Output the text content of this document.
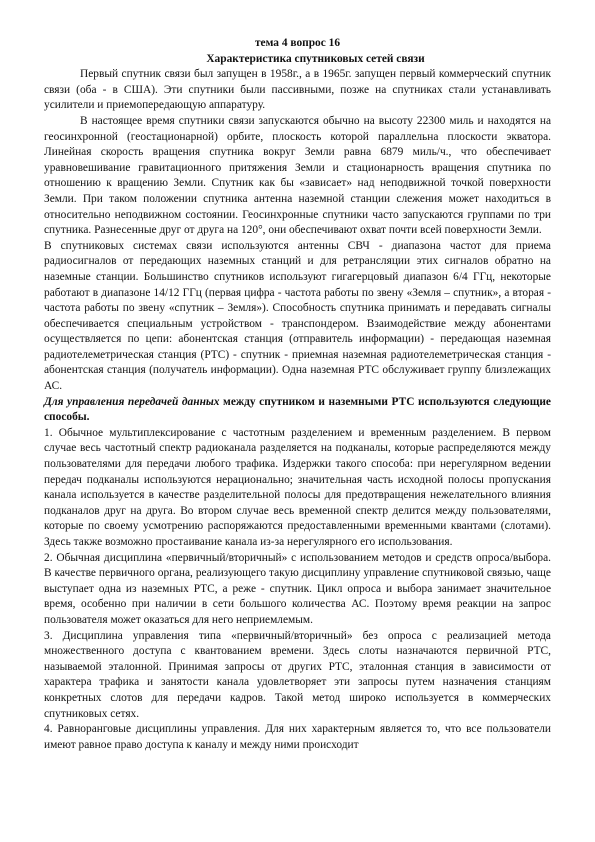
тема 4 вопрос 16

Характеристика спутниковых сетей связи

Первый спутник связи был запущен в 1958г., а в 1965г. запущен первый коммерческий спутник связи (оба - в США). Эти спутники были пассивными, позже на спутниках стали устанавливать усилители и приемопередающую аппаратуру.

В настоящее время спутники связи запускаются обычно на высоту 22300 миль и находятся на геосинхронной (геостационарной) орбите, плоскость которой параллельна плоскости экватора. Линейная скорость вращения спутника вокруг Земли равна 6879 миль/ч., что обеспечивает уравновешивание гравитационного притяжения Земли и стационарность вращения спутника по отношению к вращению Земли. Спутник как бы «зависает» над неподвижной точкой поверхности Земли. При таком положении спутника антенна наземной станции слежения может находиться в относительно неподвижном состоянии. Геосинхронные спутники часто запускаются группами по три спутника. Разнесенные друг от друга на 120°, они обеспечивают охват почти всей поверхности Земли.

В спутниковых системах связи используются антенны СВЧ - диапазона частот для приема радиосигналов от передающих наземных станций и для ретрансляции этих сигналов обратно на наземные станции. Большинство спутников используют гигагерцовый диапазон 6/4 ГГц, некоторые работают в диапазоне 14/12 ГГц (первая цифра - частота работы по звену «Земля – спутник», а вторая - частота работы по звену «спутник – Земля»). Способность спутника принимать и передавать сигналы обеспечивается специальным устройством - транспондером. Взаимодействие между абонентами осуществляется по цепи: абонентская станция (отправитель информации) - передающая наземная радиотелеметрическая станция (РТС) - спутник - приемная наземная радиотелеметрическая станция - абонентская станция (получатель информации). Одна наземная РТС обслуживает группу близлежащих АС.

Для управления передачей данных между спутником и наземными РТС используются следующие способы.

1. Обычное мультиплексирование с частотным разделением и временным разделением. В первом случае весь частотный спектр радиоканала разделяется на подканалы, которые распределяются между пользователями для передачи любого трафика. Издержки такого способа: при нерегулярном ведении передач подканалы используются нерационально; значительная часть исходной полосы пропускания канала используется в качестве разделительной полосы для предотвращения нежелательного влияния подканалов друг на друга. Во втором случае весь временной спектр делится между пользователями, которые по своему усмотрению распоряжаются предоставленными временными квантами (слотами). Здесь также возможно простаивание канала из-за нерегулярного его использования.

2. Обычная дисциплина «первичный/вторичный» с использованием методов и средств опроса/выбора. В качестве первичного органа, реализующего такую дисциплину управление спутниковой связью, чаще выступает одна из наземных РТС, а реже - спутник. Цикл опроса и выбора занимает значительное время, особенно при наличии в сети большого количества АС. Поэтому время реакции на запрос пользователя может оказаться для него неприемлемым.

3. Дисциплина управления типа «первичный/вторичный» без опроса с реализацией метода множественного доступа с квантованием времени. Здесь слоты назначаются первичной РТС, называемой эталонной. Принимая запросы от других РТС, эталонная станция в зависимости от характера трафика и занятости канала удовлетворяет эти запросы путем назначения станциям конкретных слотов для передачи кадров. Такой метод широко используется в коммерческих спутниковых сетях.

4. Равноранговые дисциплины управления. Для них характерным является то, что все пользователи имеют равное право доступа к каналу и между ними происходит
